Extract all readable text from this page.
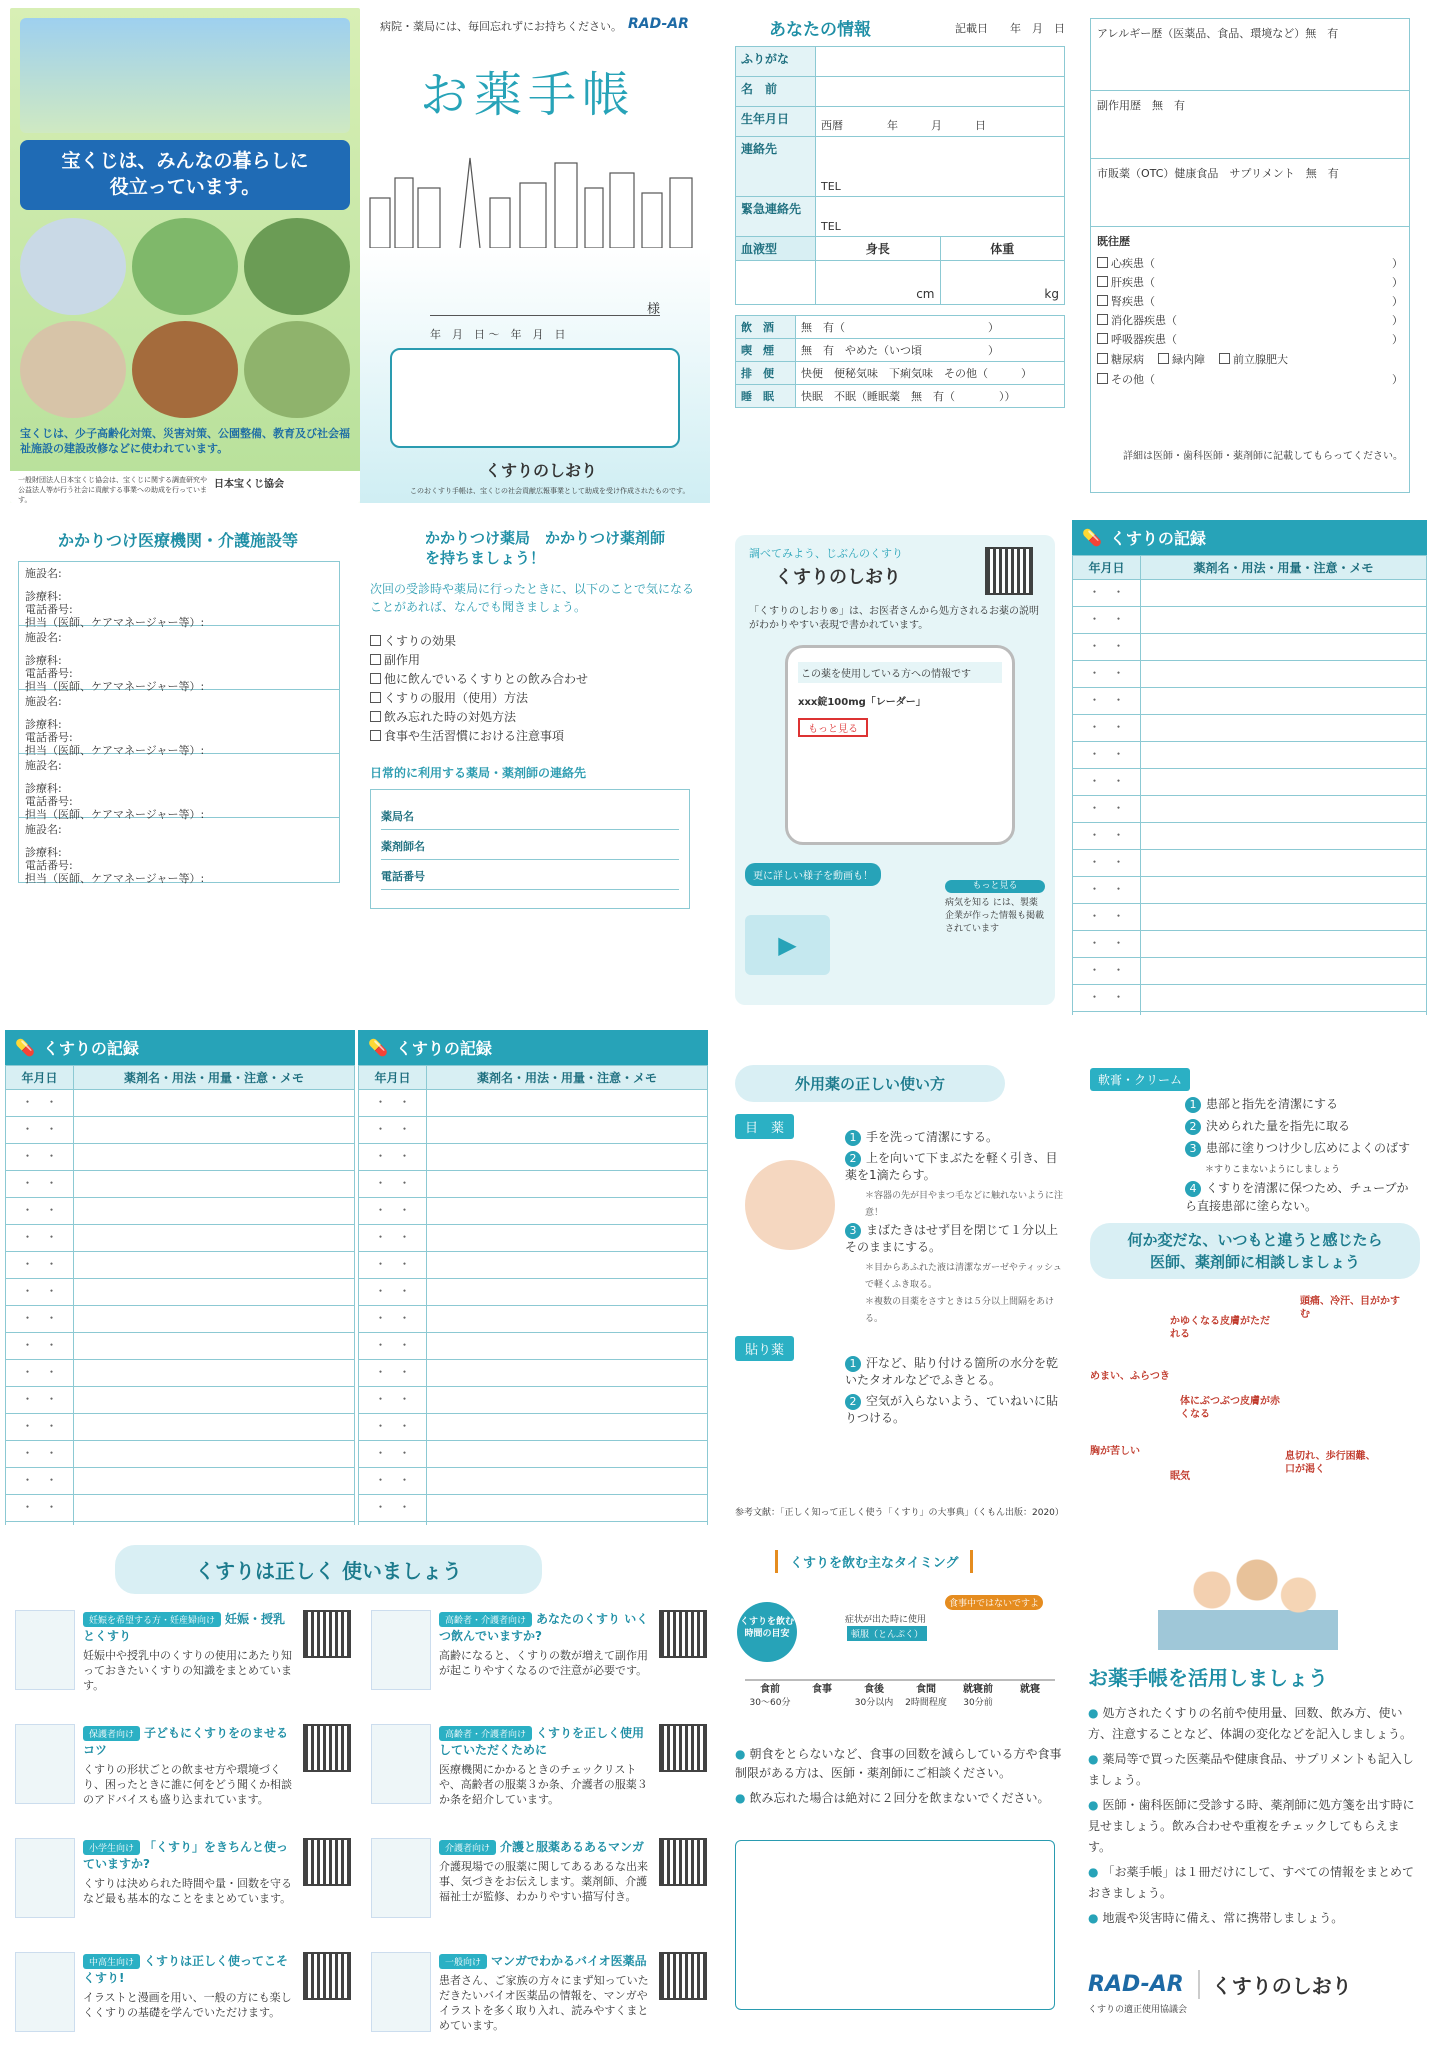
宝くじは、みんなの暮らしに
役立っています。
宝くじは、少子高齢化対策、災害対策、公園整備、教育及び社会福祉施設の建設改修などに使われています。
一般財団法人日本宝くじ協会は、宝くじに関する調査研究や公益法人等が行う社会に貢献する事業への助成を行っています。
日本宝くじ協会
病院・薬局には、毎回忘れずにお持ちください。 RAD-AR
お薬手帳
様
年　月　日 〜　年　月　日
くすりのしおり
このおくすり手帳は、宝くじの社会貢献広報事業として助成を受け作成されたものです。
あなたの情報	記載日　　年　月　日
ふりがな	
名　前	
生年月日	西暦　　　　年　　　月　　　日
連絡先	TEL
緊急連絡先	TEL
血液型	身長	体重
	cm	kg
飲　酒	無　有（　　　　　　　　　　　　　）
喫　煙	無　有　やめた（いつ頃　　　　　　）
排　便	快便　便秘気味　下痢気味　その他（　　　）
睡　眠	快眠　不眠（睡眠薬　無　有（　　　　））
アレルギー歴（医薬品、食品、環境など）無　有
副作用歴　無　有
市販薬（OTC）健康食品　サプリメント　無　有
既往歴
心疾患（	）
肝疾患（	）
腎疾患（	）
消化器疾患（	）
呼吸器疾患（	）
糖尿病	緑内障	前立腺肥大
その他（	）
詳細は医師・歯科医師・薬剤師に記載してもらってください。
かかりつけ医療機関・介護施設等
施設名:
診療科:
電話番号:
担当（医師、ケアマネージャー等）:
施設名:
診療科:
電話番号:
担当（医師、ケアマネージャー等）:
施設名:
診療科:
電話番号:
担当（医師、ケアマネージャー等）:
施設名:
診療科:
電話番号:
担当（医師、ケアマネージャー等）:
施設名:
診療科:
電話番号:
担当（医師、ケアマネージャー等）:
かかりつけ薬局　かかりつけ薬剤師
を持ちましょう！
次回の受診時や薬局に行ったときに、以下のことで気になることがあれば、なんでも聞きましょう。
くすりの効果
副作用
他に飲んでいるくすりとの飲み合わせ
くすりの服用（使用）方法
飲み忘れた時の対処方法
食事や生活習慣における注意事項
日常的に利用する薬局・薬剤師の連絡先
薬局名
薬剤師名
電話番号
調べてみよう、じぶんのくすり
くすりのしおり
「くすりのしおり®」は、お医者さんから処方されるお薬の説明がわかりやすい表現で書かれています。
この薬を使用している方への情報です
xxx錠100mg「レーダー」
もっと見る
更に詳しい様子を動画も！
▶
もっと見る
病気を知る には、製薬企業が作った情報も掲載されています
💊 くすりの記録
年月日	薬剤名・用法・用量・注意・メモ
・　・	
・　・	
・　・	
・　・	
・　・	
・　・	
・　・	
・　・	
・　・	
・　・	
・　・	
・　・	
・　・	
・　・	
・　・	
・　・	

💊 くすりの記録
年月日	薬剤名・用法・用量・注意・メモ
・　・	
・　・	
・　・	
・　・	
・　・	
・　・	
・　・	
・　・	
・　・	
・　・	
・　・	
・　・	
・　・	
・　・	
・　・	
・　・	

💊 くすりの記録
年月日	薬剤名・用法・用量・注意・メモ
・　・	
・　・	
・　・	
・　・	
・　・	
・　・	
・　・	
・　・	
・　・	
・　・	
・　・	
・　・	
・　・	
・　・	
・　・	
・　・	

外用薬の正しい使い方 目　薬
1 手を洗って清潔にする。
2 上を向いて下まぶたを軽く引き、目薬を1滴たらす。
＊容器の先が目やまつ毛などに触れないように注意！
3 まばたきはせず目を閉じて１分以上そのままにする。
＊目からあふれた液は清潔なガーゼやティッシュで軽くふき取る。
＊複数の目薬をさすときは５分以上間隔をあける。
貼り薬
1 汗など、貼り付ける箇所の水分を乾いたタオルなどでふきとる。
2 空気が入らないよう、ていねいに貼りつける。
参考文献：「正しく知って正しく使う「くすり」の大事典」（くもん出版：2020）
軟膏・クリーム
1 患部と指先を清潔にする
2 決められた量を指先に取る
3 患部に塗りつけ少し広めによくのばす
＊すりこまないようにしましょう
4 くすりを清潔に保つため、チューブから直接患部に塗らない。
何か変だな、いつもと違うと感じたら
医師、薬剤師に相談しましょう
頭痛、冷汗、目がかすむ
かゆくなる皮膚がただれる
めまい、ふらつき
体にぶつぶつ皮膚が赤くなる
胸が苦しい
眠気
息切れ、歩行困難、口が渇く
くすりは正しく 使いましょう
妊娠を希望する方・妊産婦向け 妊娠・授乳とくすり
妊娠中や授乳中のくすりの使用にあたり知っておきたいくすりの知識をまとめています。
高齢者・介護者向け あなたのくすり いくつ飲んでいますか?
高齢になると、くすりの数が増えて副作用が起こりやすくなるので注意が必要です。
保護者向け 子どもにくすりをのませるコツ
くすりの形状ごとの飲ませ方や環境づくり、困ったときに誰に何をどう聞くか相談のアドバイスも盛り込まれています。
高齢者・介護者向け くすりを正しく使用していただくために
医療機関にかかるときのチェックリストや、高齢者の服薬３か条、介護者の服薬３か条を紹介しています。
小学生向け 「くすり」をきちんと使っていますか?
くすりは決められた時間や量・回数を守るなど最も基本的なことをまとめています。
介護者向け 介護と服薬あるあるマンガ
介護現場での服薬に関してあるあるな出来事、気づきをお伝えします。薬剤師、介護福祉士が監修、わかりやすい描写付き。
中高生向け くすりは正しく使ってこそくすり!
イラストと漫画を用い、一般の方にも楽しくくすりの基礎を学んでいただけます。
一般向け マンガでわかるバイオ医薬品
患者さん、ご家族の方々にまず知っていただきたいバイオ医薬品の情報を、マンガやイラストを多く取り入れ、読みやすくまとめています。
くすりを飲む主なタイミング
くすりを飲む時間の目安
症状が出た時に使用
頓服（とんぷく）
食事中ではないですよ
食前
30～60分
食事	食後
30分以内
食間
2時間程度
就寝前
30分前
就寝
● 朝食をとらないなど、食事の回数を減らしている方や食事制限がある方は、医師・薬剤師にご相談ください。
● 飲み忘れた場合は絶対に２回分を飲まないでください。
お薬手帳を活用しましょう
● 処方されたくすりの名前や使用量、回数、飲み方、使い方、注意することなど、体調の変化などを記入しましょう。
● 薬局等で買った医薬品や健康食品、サプリメントも記入しましょう。
● 医師・歯科医師に受診する時、薬剤師に処方箋を出す時に見せましょう。飲み合わせや重複をチェックしてもらえます。
● 「お薬手帳」は１冊だけにして、すべての情報をまとめておきましょう。
● 地震や災害時に備え、常に携帯しましょう。
RAD-AR	くすりのしおり
くすりの適正使用協議会
